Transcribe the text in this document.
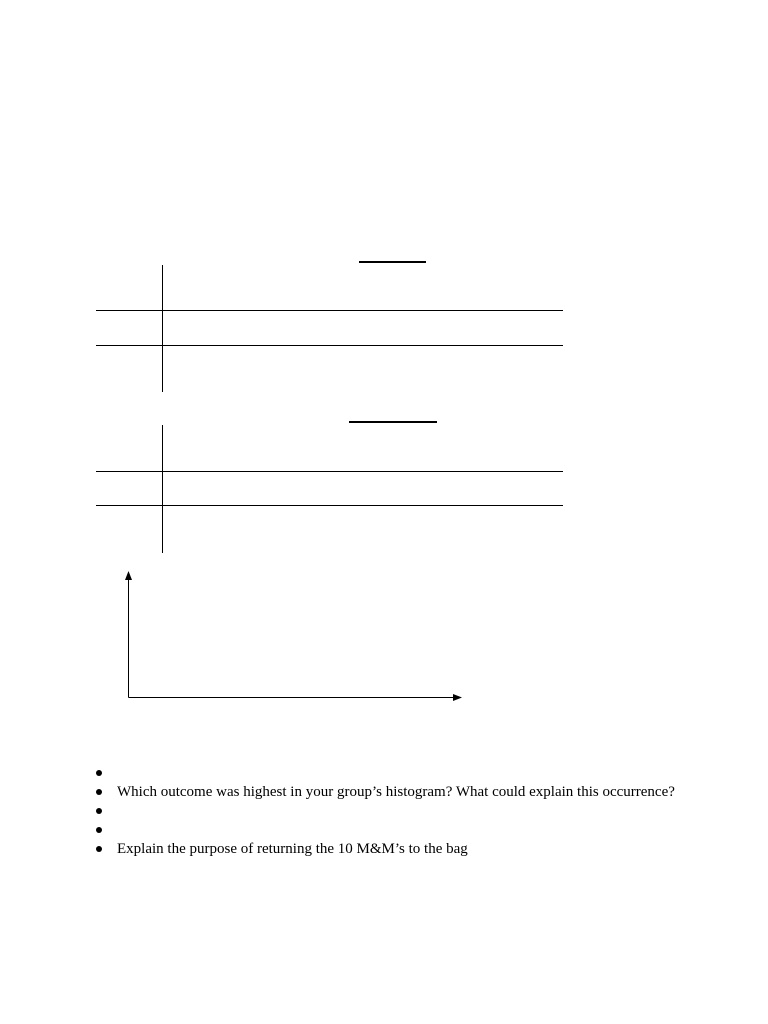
Which outcome was highest in your group’s histogram? What could explain this occurrence?
Explain the purpose of returning the 10 M&M’s to the bag
